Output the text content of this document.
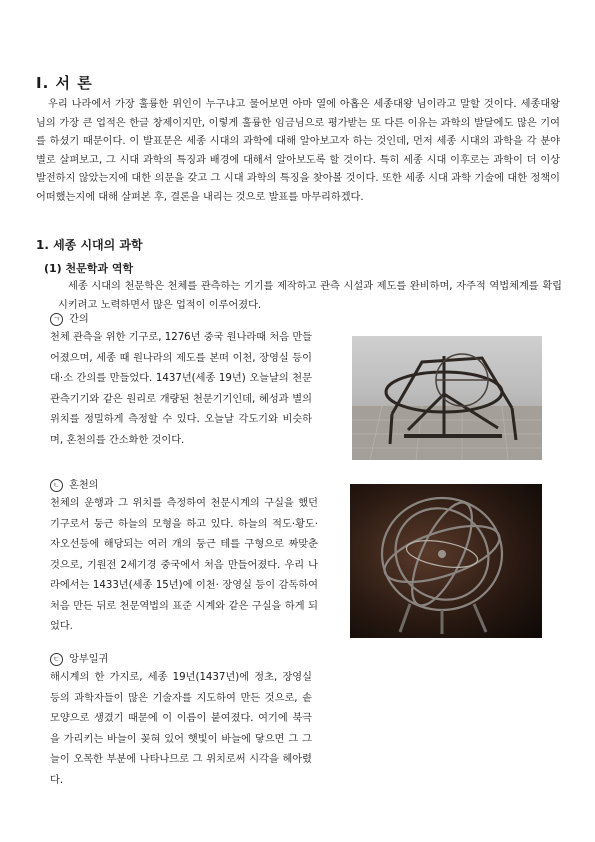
Ⅰ. 서 론
우리 나라에서 가장 훌륭한 위인이 누구냐고 물어보면 아마 열에 아홉은 세종대왕 님이라고 말할 것이다. 세종대왕 님의 가장 큰 업적은 한글 창제이지만, 이렇게 훌륭한 임금님으로 평가받는 또 다른 이유는 과학의 발달에도 많은 기여를 하셨기 때문이다. 이 발표문은 세종 시대의 과학에 대해 알아보고자 하는 것인데, 먼저 세종 시대의 과학을 각 분야 별로 살펴보고, 그 시대 과학의 특징과 배경에 대해서 알아보도록 할 것이다. 특히 세종 시대 이후로는 과학이 더 이상 발전하지 않았는지에 대한 의문을 갖고 그 시대 과학의 특징을 찾아볼 것이다. 또한 세종 시대 과학 기술에 대한 정책이 어떠했는지에 대해 살펴본 후, 결론을 내리는 것으로 발표를 마무리하겠다.
1. 세종 시대의 과학
(1) 천문학과 역학
세종 시대의 천문학은 천체를 관측하는 기기를 제작하고 관측 시설과 제도를 완비하며, 자주적 역법체계를 확립시키려고 노력하면서 많은 업적이 이루어졌다.
ㄱ 간의
천체 관측을 위한 기구로, 1276년 중국 원나라때 처음 만들어졌으며, 세종 때 원나라의 제도를 본떠 이천, 장영실 등이 대·소 간의를 만들었다. 1437년(세종 19년) 오늘날의 천문관측기기와 같은 원리로 개량된 천문기기인데, 혜성과 별의 위치를 정밀하게 측정할 수 있다. 오늘날 각도기와 비슷하며, 혼천의를 간소화한 것이다.
ㄴ 혼천의
천체의 운행과 그 위치를 측정하여 천문시계의 구실을 했던 기구로서 둥근 하늘의 모형을 하고 있다. 하늘의 적도·황도·자오선등에 해당되는 여러 개의 둥근 테를 구형으로 짜맞춘 것으로, 기원전 2세기경 중국에서 처음 만들어졌다. 우리 나라에서는 1433년(세종 15년)에 이천· 장영실 등이 감독하여 처음 만든 뒤로 천문역법의 표준 시계와 같은 구실을 하게 되었다.
ㄷ 앙부일귀
해시계의 한 가지로, 세종 19년(1437년)에 정초, 장영실 등의 과학자들이 많은 기술자를 지도하여 만든 것으로, 솥 모양으로 생겼기 때문에 이 이름이 붙여졌다. 여기에 북극을 가리키는 바늘이 꽂혀 있어 햇빛이 바늘에 닿으면 그 그늘이 오목한 부분에 나타나므로 그 위치로써 시각을 헤아렸다.
